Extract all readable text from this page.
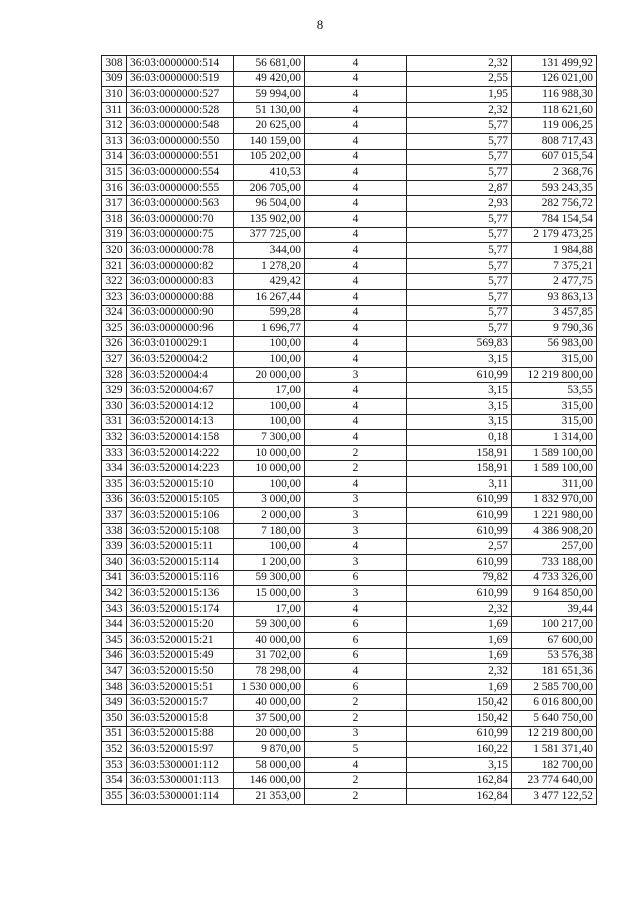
8
308	36:03:0000000:514	56 681,00	4	2,32	131 499,92
309	36:03:0000000:519	49 420,00	4	2,55	126 021,00
310	36:03:0000000:527	59 994,00	4	1,95	116 988,30
311	36:03:0000000:528	51 130,00	4	2,32	118 621,60
312	36:03:0000000:548	20 625,00	4	5,77	119 006,25
313	36:03:0000000:550	140 159,00	4	5,77	808 717,43
314	36:03:0000000:551	105 202,00	4	5,77	607 015,54
315	36:03:0000000:554	410,53	4	5,77	2 368,76
316	36:03:0000000:555	206 705,00	4	2,87	593 243,35
317	36:03:0000000:563	96 504,00	4	2,93	282 756,72
318	36:03:0000000:70	135 902,00	4	5,77	784 154,54
319	36:03:0000000:75	377 725,00	4	5,77	2 179 473,25
320	36:03:0000000:78	344,00	4	5,77	1 984,88
321	36:03:0000000:82	1 278,20	4	5,77	7 375,21
322	36:03:0000000:83	429,42	4	5,77	2 477,75
323	36:03:0000000:88	16 267,44	4	5,77	93 863,13
324	36:03:0000000:90	599,28	4	5,77	3 457,85
325	36:03:0000000:96	1 696,77	4	5,77	9 790,36
326	36:03:0100029:1	100,00	4	569,83	56 983,00
327	36:03:5200004:2	100,00	4	3,15	315,00
328	36:03:5200004:4	20 000,00	3	610,99	12 219 800,00
329	36:03:5200004:67	17,00	4	3,15	53,55
330	36:03:5200014:12	100,00	4	3,15	315,00
331	36:03:5200014:13	100,00	4	3,15	315,00
332	36:03:5200014:158	7 300,00	4	0,18	1 314,00
333	36:03:5200014:222	10 000,00	2	158,91	1 589 100,00
334	36:03:5200014:223	10 000,00	2	158,91	1 589 100,00
335	36:03:5200015:10	100,00	4	3,11	311,00
336	36:03:5200015:105	3 000,00	3	610,99	1 832 970,00
337	36:03:5200015:106	2 000,00	3	610,99	1 221 980,00
338	36:03:5200015:108	7 180,00	3	610,99	4 386 908,20
339	36:03:5200015:11	100,00	4	2,57	257,00
340	36:03:5200015:114	1 200,00	3	610,99	733 188,00
341	36:03:5200015:116	59 300,00	6	79,82	4 733 326,00
342	36:03:5200015:136	15 000,00	3	610,99	9 164 850,00
343	36:03:5200015:174	17,00	4	2,32	39,44
344	36:03:5200015:20	59 300,00	6	1,69	100 217,00
345	36:03:5200015:21	40 000,00	6	1,69	67 600,00
346	36:03:5200015:49	31 702,00	6	1,69	53 576,38
347	36:03:5200015:50	78 298,00	4	2,32	181 651,36
348	36:03:5200015:51	1 530 000,00	6	1,69	2 585 700,00
349	36:03:5200015:7	40 000,00	2	150,42	6 016 800,00
350	36:03:5200015:8	37 500,00	2	150,42	5 640 750,00
351	36:03:5200015:88	20 000,00	3	610,99	12 219 800,00
352	36:03:5200015:97	9 870,00	5	160,22	1 581 371,40
353	36:03:5300001:112	58 000,00	4	3,15	182 700,00
354	36:03:5300001:113	146 000,00	2	162,84	23 774 640,00
355	36:03:5300001:114	21 353,00	2	162,84	3 477 122,52
